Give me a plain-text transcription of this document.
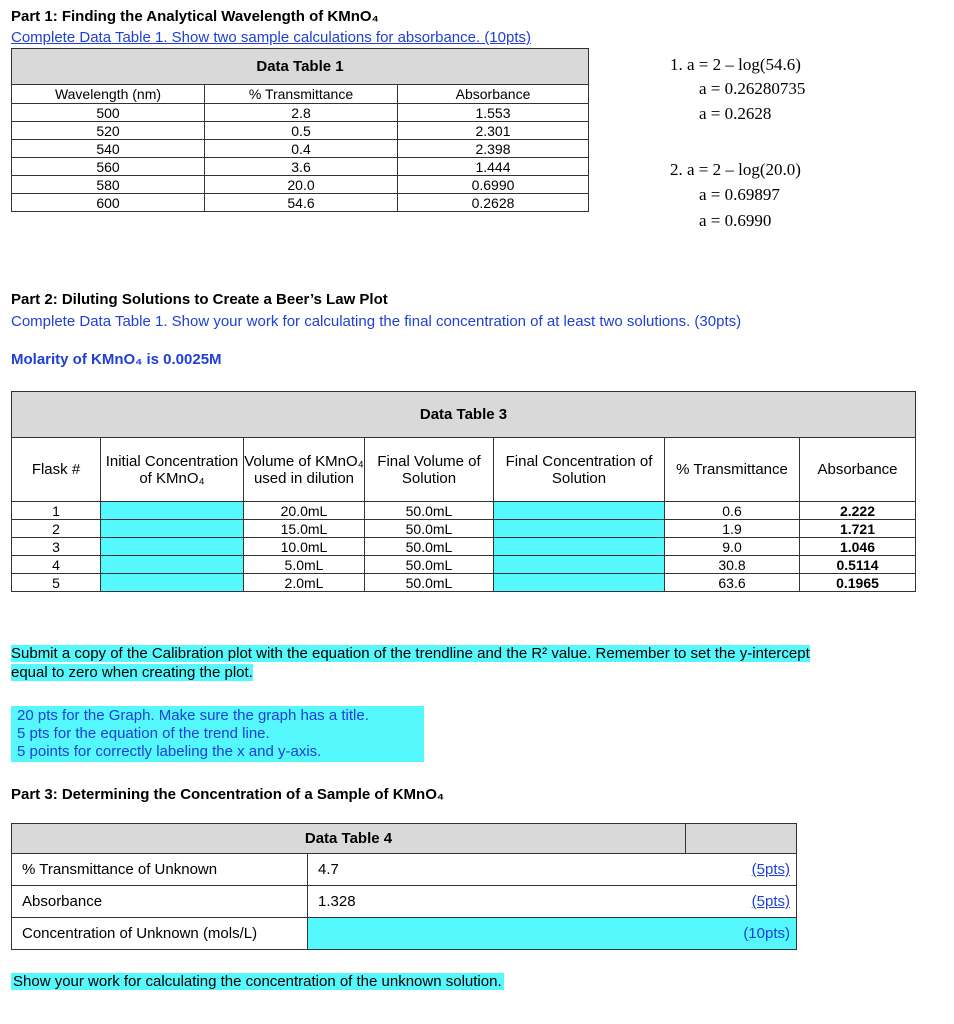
Part 1: Finding the Analytical Wavelength of KMnO₄
Complete Data Table 1. Show two sample calculations for absorbance. (10pts)
Data Table 1		
Wavelength (nm)	% Transmittance	Absorbance
500	2.8	1.553
520	0.5	2.301
540	0.4	2.398
560	3.6	1.444
580	20.0	0.6990
600	54.6	0.2628
1. a = 2 – log(54.6)
a = 0.26280735
a = 0.2628
2. a = 2 – log(20.0)
a = 0.69897
a = 0.6990
Part 2: Diluting Solutions to Create a Beer’s Law Plot
Complete Data Table 1. Show your work for calculating the final concentration of at least two solutions. (30pts)
Molarity of KMnO₄ is 0.0025M
Data Table 3						
Flask #	Initial Concentration of KMnO₄	Volume of KMnO₄ used in dilution	Final Volume of Solution	Final Concentration of Solution	% Transmittance	Absorbance
1		20.0mL	50.0mL		0.6	2.222
2		15.0mL	50.0mL		1.9	1.721
3		10.0mL	50.0mL		9.0	1.046
4		5.0mL	50.0mL		30.8	0.5114
5		2.0mL	50.0mL		63.6	0.1965
Submit a copy of the Calibration plot with the equation of the trendline and the R² value. Remember to set the y-intercept
equal to zero when creating the plot.
20 pts for the Graph. Make sure the graph has a title.
5 pts for the equation of the trend line.
5 points for correctly labeling the x and y-axis.
Part 3: Determining the Concentration of a Sample of KMnO₄
Data Table 4		
% Transmittance of Unknown	4.7	(5pts)
Absorbance	1.328	(5pts)
Concentration of Unknown (mols/L)		(10pts)
Show your work for calculating the concentration of the unknown solution.
